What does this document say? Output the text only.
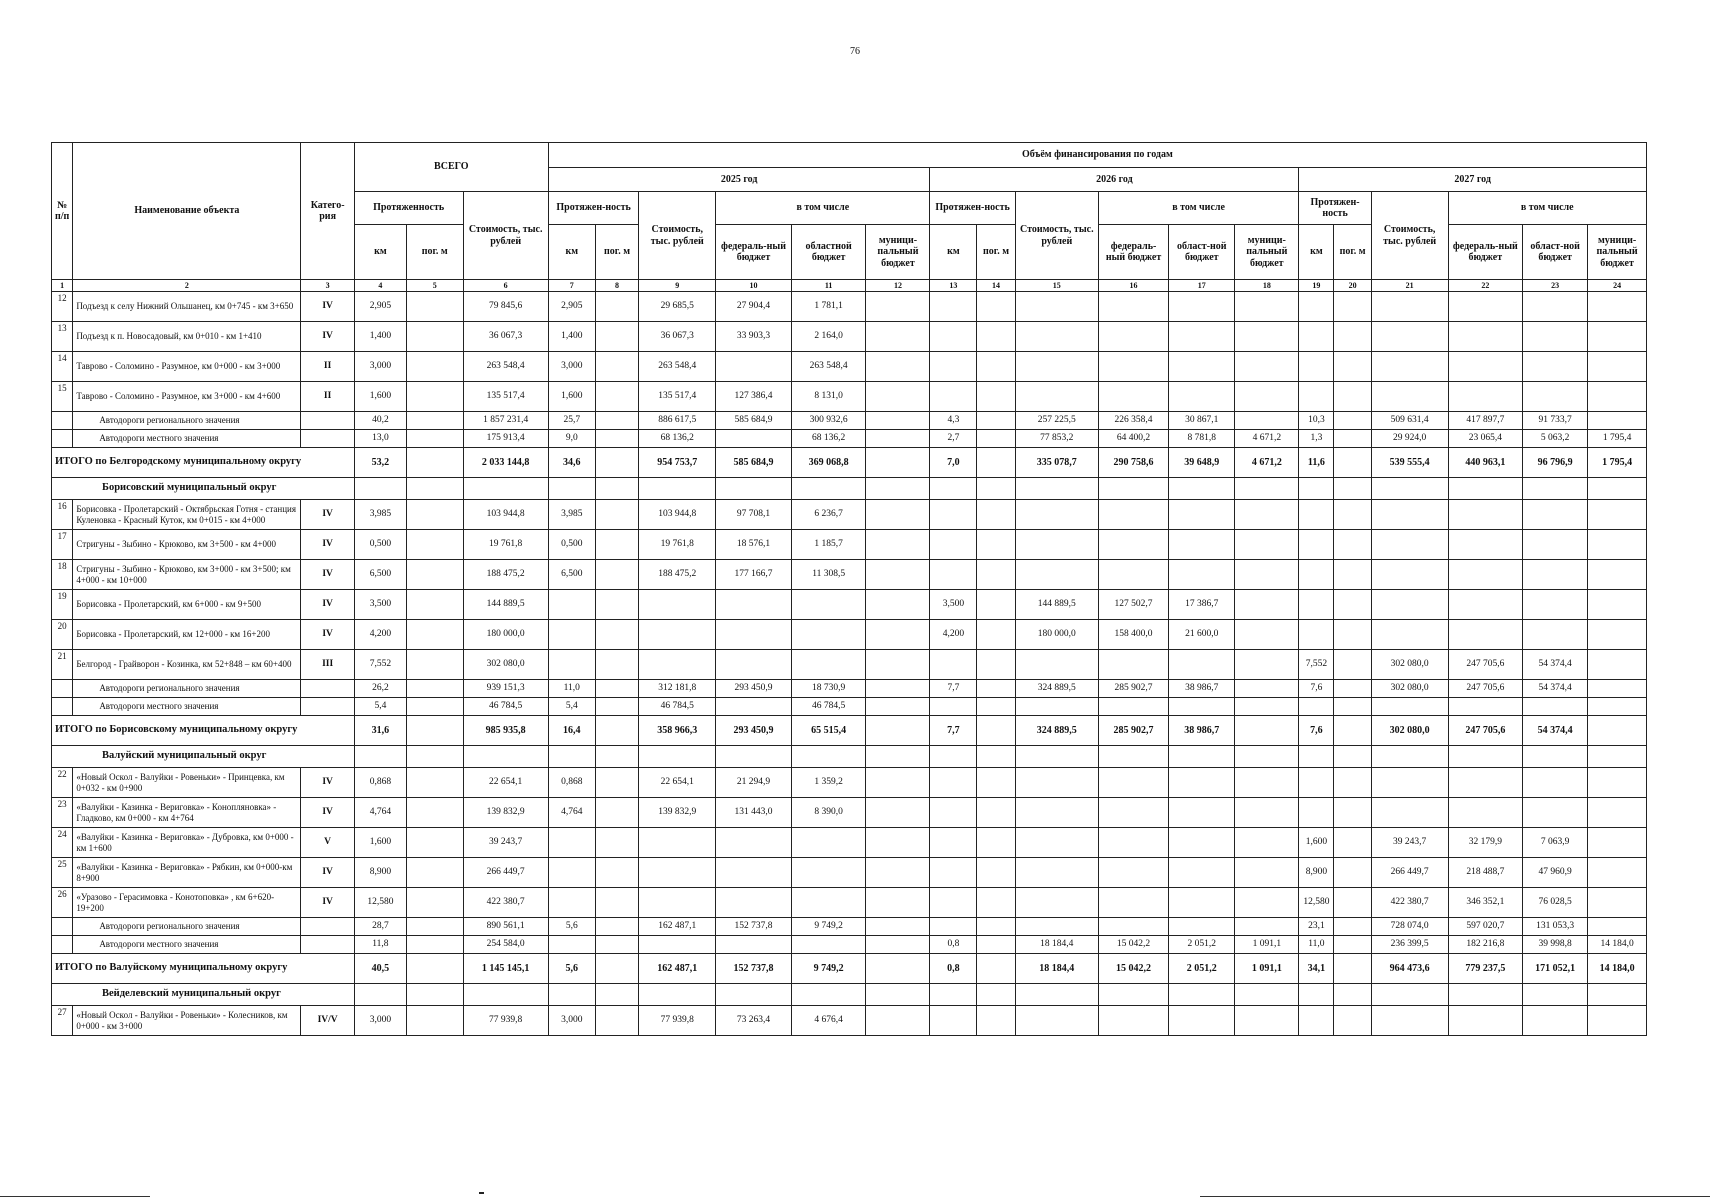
76
№ п/п	Наименование объекта	Катего-рия	ВСЕГО			Объём финансирования по годам																	
						2025 год						2026 год						2027 год					
			Протяженность		Стоимость, тыс. рублей	Протяжен-ность		Стоимость, тыс. рублей	в том числе			Протяжен-ность		Стоимость, тыс. рублей	в том числе			Протяжен-ность		Стоимость, тыс. рублей	в том числе		
			км	пог. м		км	пог. м		федераль-ный бюджет	областной бюджет	муници-пальный бюджет	км	пог. м		федераль-ный бюджет	област-ной бюджет	муници-пальный бюджет	км	пог. м		федераль-ный бюджет	област-ной бюджет	муници-пальный бюджет
1	2	3	4	5	6	7	8	9	10	11	12	13	14	15	16	17	18	19	20	21	22	23	24
12	Подъезд к селу Нижний Ольшанец, км 0+745 - км 3+650	IV	2,905		79 845,6	2,905		29 685,5	27 904,4	1 781,1													
13	Подъезд к п. Новосадовый, км 0+010 - км 1+410	IV	1,400		36 067,3	1,400		36 067,3	33 903,3	2 164,0													
14	Таврово - Соломино - Разумное, км 0+000 - км 3+000	II	3,000		263 548,4	3,000		263 548,4		263 548,4													
15	Таврово - Соломино - Разумное, км 3+000 - км 4+600	II	1,600		135 517,4	1,600		135 517,4	127 386,4	8 131,0													
	Автодороги регионального значения		40,2		1 857 231,4	25,7		886 617,5	585 684,9	300 932,6		4,3		257 225,5	226 358,4	30 867,1		10,3		509 631,4	417 897,7	91 733,7	
	Автодороги местного значения		13,0		175 913,4	9,0		68 136,2		68 136,2		2,7		77 853,2	64 400,2	8 781,8	4 671,2	1,3		29 924,0	23 065,4	5 063,2	1 795,4
ИТОГО по Белгородскому муниципальному округу			53,2		2 033 144,8	34,6		954 753,7	585 684,9	369 068,8		7,0		335 078,7	290 758,6	39 648,9	4 671,2	11,6		539 555,4	440 963,1	96 796,9	1 795,4
Борисовский муниципальный округ																							
16	Борисовка - Пролетарский - Октябрьская Готня - станция Куленовка - Красный Куток, км 0+015 - км 4+000	IV	3,985		103 944,8	3,985		103 944,8	97 708,1	6 236,7													
17	Стригуны - Зыбино - Крюково, км 3+500 - км 4+000	IV	0,500		19 761,8	0,500		19 761,8	18 576,1	1 185,7													
18	Стригуны - Зыбино - Крюково, км 3+000 - км 3+500; км 4+000 - км 10+000	IV	6,500		188 475,2	6,500		188 475,2	177 166,7	11 308,5													
19	Борисовка - Пролетарский, км 6+000 - км 9+500	IV	3,500		144 889,5							3,500		144 889,5	127 502,7	17 386,7							
20	Борисовка - Пролетарский, км 12+000 - км 16+200	IV	4,200		180 000,0							4,200		180 000,0	158 400,0	21 600,0							
21	Белгород - Грайворон - Козинка, км 52+848 – км 60+400	III	7,552		302 080,0													7,552		302 080,0	247 705,6	54 374,4	
	Автодороги регионального значения		26,2		939 151,3	11,0		312 181,8	293 450,9	18 730,9		7,7		324 889,5	285 902,7	38 986,7		7,6		302 080,0	247 705,6	54 374,4	
	Автодороги местного значения		5,4		46 784,5	5,4		46 784,5		46 784,5													
ИТОГО по Борисовскому муниципальному округу			31,6		985 935,8	16,4		358 966,3	293 450,9	65 515,4		7,7		324 889,5	285 902,7	38 986,7		7,6		302 080,0	247 705,6	54 374,4	
Валуйский муниципальный округ																							
22	«Новый Оскол - Валуйки - Ровеньки» - Принцевка, км 0+032 - км 0+900	IV	0,868		22 654,1	0,868		22 654,1	21 294,9	1 359,2													
23	«Валуйки - Казинка - Вериговка» - Конопляновка» - Гладково, км 0+000 - км 4+764	IV	4,764		139 832,9	4,764		139 832,9	131 443,0	8 390,0													
24	«Валуйки - Казинка - Вериговка» - Дубровка, км 0+000 - км 1+600	V	1,600		39 243,7													1,600		39 243,7	32 179,9	7 063,9	
25	«Валуйки - Казинка - Вериговка» - Рябкин, км 0+000-км 8+900	IV	8,900		266 449,7													8,900		266 449,7	218 488,7	47 960,9	
26	«Уразово - Герасимовка - Конотоповка» , км 6+620- 19+200	IV	12,580		422 380,7													12,580		422 380,7	346 352,1	76 028,5	
	Автодороги регионального значения		28,7		890 561,1	5,6		162 487,1	152 737,8	9 749,2								23,1		728 074,0	597 020,7	131 053,3	
	Автодороги местного значения		11,8		254 584,0							0,8		18 184,4	15 042,2	2 051,2	1 091,1	11,0		236 399,5	182 216,8	39 998,8	14 184,0
ИТОГО по Валуйскому муниципальному округу			40,5		1 145 145,1	5,6		162 487,1	152 737,8	9 749,2		0,8		18 184,4	15 042,2	2 051,2	1 091,1	34,1		964 473,6	779 237,5	171 052,1	14 184,0
Вейделевский муниципальный округ																							
27	«Новый Оскол - Валуйки - Ровеньки» - Колесников, км 0+000 - км 3+000	IV/V	3,000		77 939,8	3,000		77 939,8	73 263,4	4 676,4													
